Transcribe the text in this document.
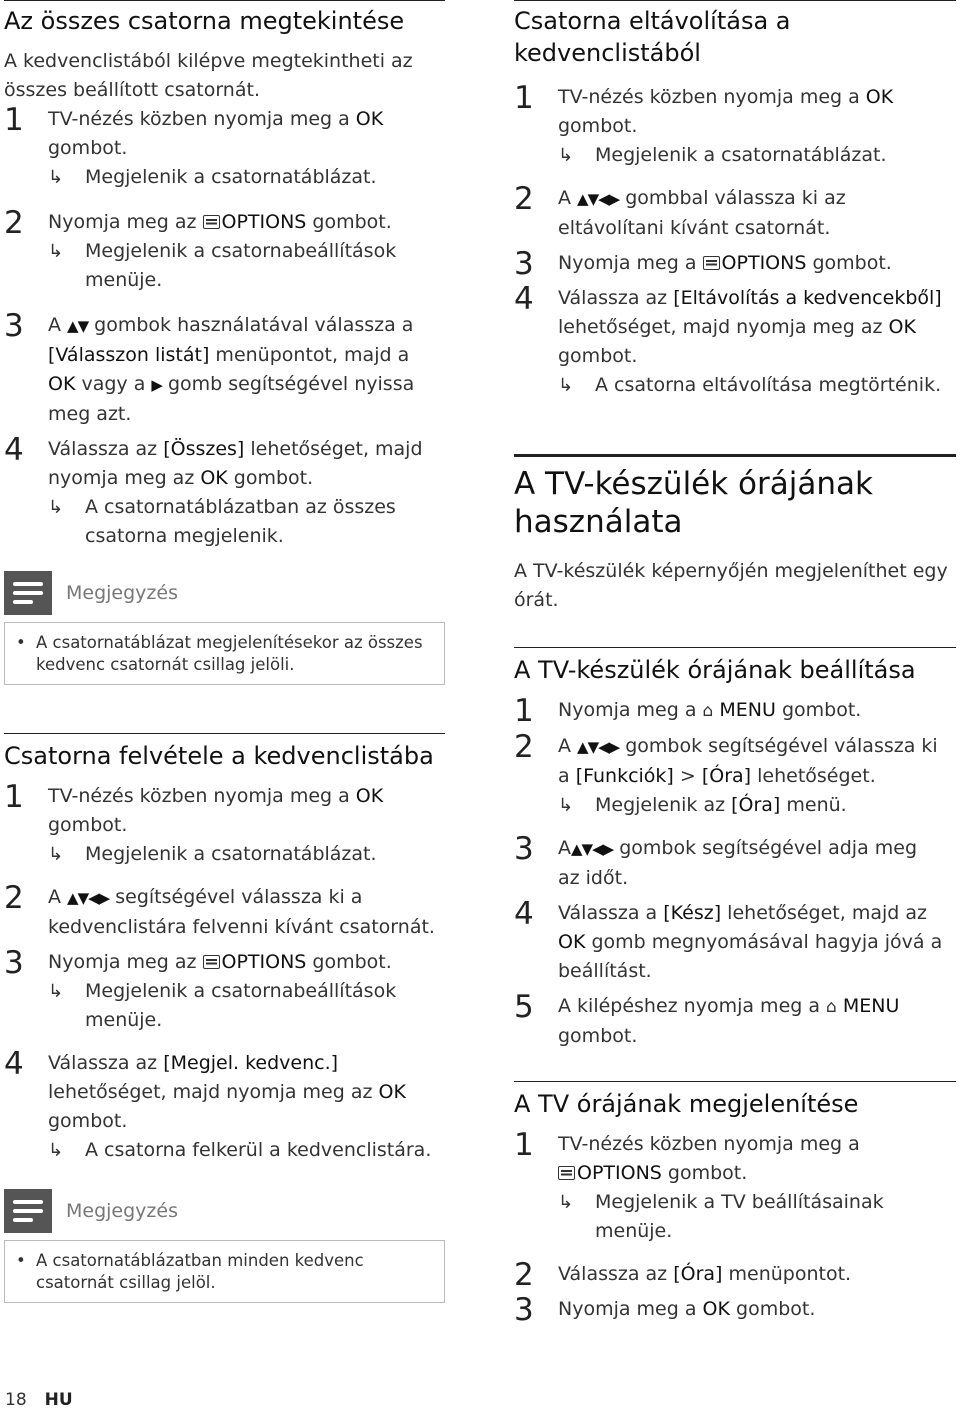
Az összes csatorna megtekintése

A kedvenclistából kilépve megtekintheti az
összes beállított csatornát.

1 TV-nézés közben nyomja meg a OK
gombot.
↳ Megjelenik a csatornatáblázat.
2 Nyomja meg az OPTIONS gombot.
↳ Megjelenik a csatornabeállítások
menüje.
3 A ▲▼ gombok használatával válassza a
[Válasszon listát] menüpontot, majd a
OK vagy a ▶ gomb segítségével nyissa
meg azt.
4 Válassza az [Összes] lehetőséget, majd
nyomja meg az OK gombot.
↳ A csatornatáblázatban az összes
csatorna megjelenik.
Megjegyzés
• A csatornatáblázat megjelenítésekor az összes
kedvenc csatornát csillag jelöli.
Csatorna felvétele a kedvenclistába
1 TV-nézés közben nyomja meg a OK
gombot.
↳ Megjelenik a csatornatáblázat.
2 A ▲▼◀▶ segítségével válassza ki a
kedvenclistára felvenni kívánt csatornát.
3 Nyomja meg az OPTIONS gombot.
↳ Megjelenik a csatornabeállítások
menüje.
4 Válassza az [Megjel. kedvenc.]
lehetőséget, majd nyomja meg az OK
gombot.
↳ A csatorna felkerül a kedvenclistára.
Megjegyzés
• A csatornatáblázatban minden kedvenc
csatornát csillag jelöl.
Csatorna eltávolítása a
kedvenclistából
1 TV-nézés közben nyomja meg a OK
gombot.
↳ Megjelenik a csatornatáblázat.
2 A ▲▼◀▶ gombbal válassza ki az
eltávolítani kívánt csatornát.
3 Nyomja meg a OPTIONS gombot.
4 Válassza az [Eltávolítás a kedvencekből]
lehetőséget, majd nyomja meg az OK
gombot.
↳ A csatorna eltávolítása megtörténik.
A TV-készülék órájának
használata

A TV-készülék képernyőjén megjeleníthet egy
órát.

A TV-készülék órájának beállítása
1 Nyomja meg a ⌂ MENU gombot.
2 A ▲▼◀▶ gombok segítségével válassza ki
a [Funkciók] > [Óra] lehetőséget.
↳ Megjelenik az [Óra] menü.
3 A▲▼◀▶ gombok segítségével adja meg
az időt.
4 Válassza a [Kész] lehetőséget, majd az
OK gomb megnyomásával hagyja jóvá a
beállítást.
5 A kilépéshez nyomja meg a ⌂ MENU
gombot.
A TV órájának megjelenítése
1 TV-nézés közben nyomja meg a
OPTIONS gombot.
↳ Megjelenik a TV beállításainak menüje.
2 Válassza az [Óra] menüpontot.
3 Nyomja meg a OK gombot.
18 HU
